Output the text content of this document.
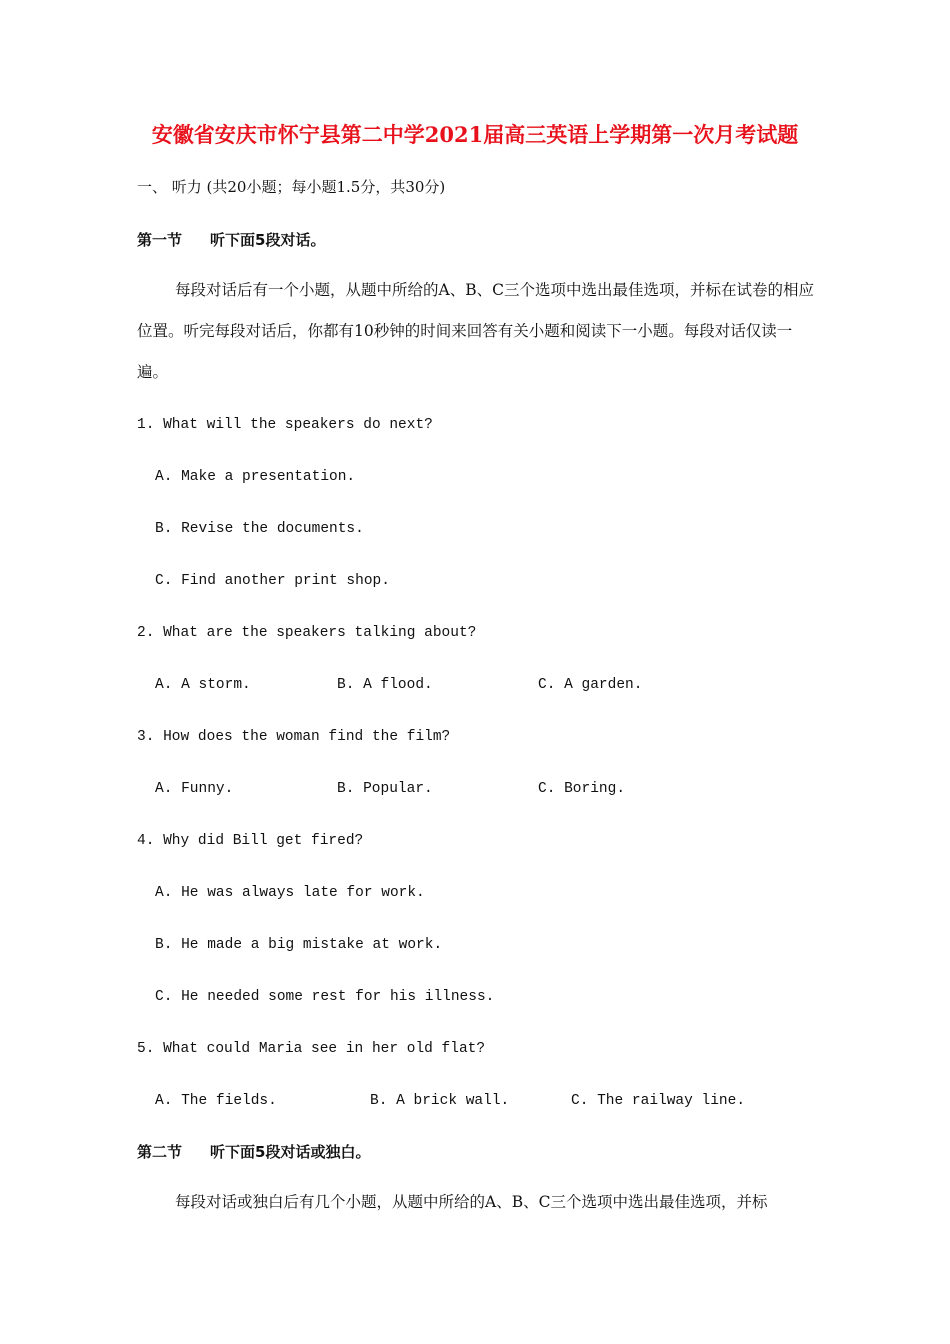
安徽省安庆市怀宁县第二中学2021届高三英语上学期第一次月考试题
一、 听力 (共20小题；每小题1.5分，共30分)
第一节 听下面5段对话。

每段对话后有一个小题，从题中所给的A、B、C三个选项中选出最佳选项，并标在试卷的相应位置。听完每段对话后，你都有10秒钟的时间来回答有关小题和阅读下一小题。每段对话仅读一遍。

1. What will the speakers do next?
A. Make a presentation.
B. Revise the documents.
C. Find another print shop.
2. What are the speakers talking about?
A. A storm.	B. A flood.	C. A garden.
3. How does the woman find the film?
A. Funny.	B. Popular.	C. Boring.
4. Why did Bill get fired?
A. He was always late for work.
B. He made a big mistake at work.
C. He needed some rest for his illness.
5. What could Maria see in her old flat?
A. The fields.	B. A brick wall.	C. The railway line.
第二节 听下面5段对话或独白。

每段对话或独白后有几个小题，从题中所给的A、B、C三个选项中选出最佳选项，并标
